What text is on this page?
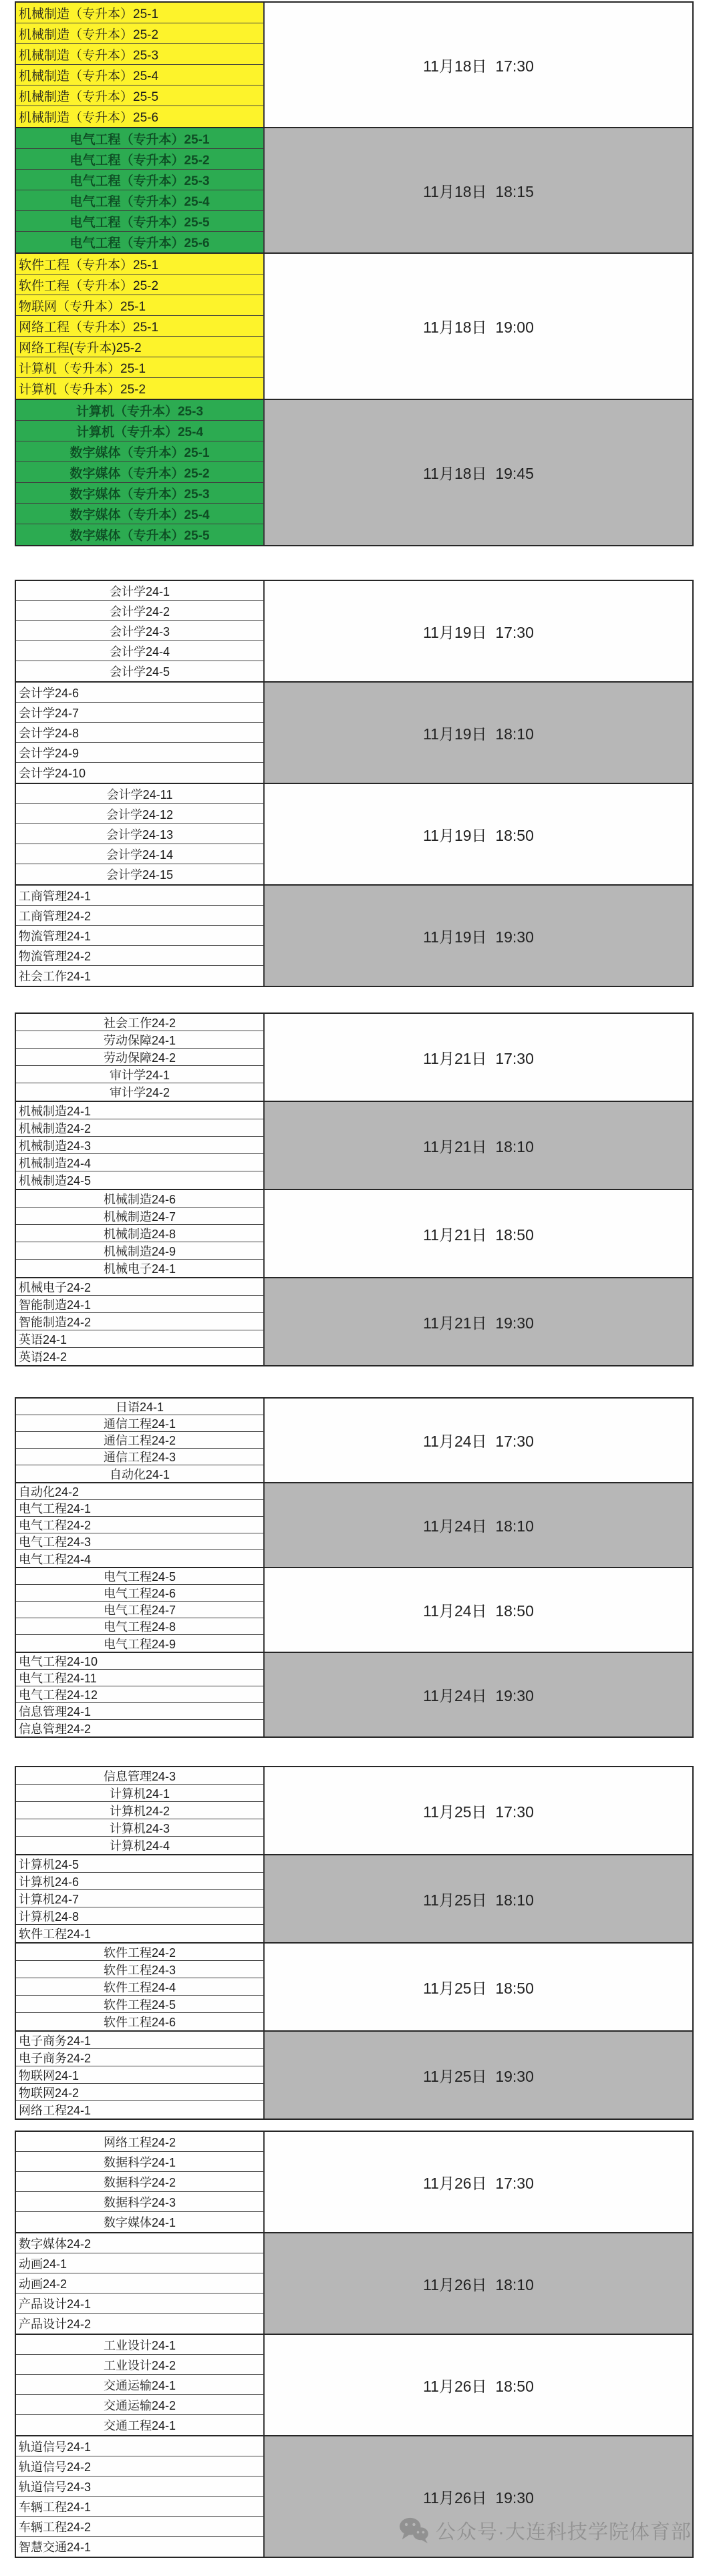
机械制造（专升本）25-1
机械制造（专升本）25-2
机械制造（专升本）25-3
机械制造（专升本）25-4
机械制造（专升本）25-5
机械制造（专升本）25-6
11月18日  17:30
电气工程（专升本）25-1
电气工程（专升本）25-2
电气工程（专升本）25-3
电气工程（专升本）25-4
电气工程（专升本）25-5
电气工程（专升本）25-6
11月18日  18:15
软件工程（专升本）25-1
软件工程（专升本）25-2
物联网（专升本）25-1
网络工程（专升本）25-1
网络工程(专升本)25-2
计算机（专升本）25-1
计算机（专升本）25-2
11月18日  19:00
计算机（专升本）25-3
计算机（专升本）25-4
数字媒体（专升本）25-1
数字媒体（专升本）25-2
数字媒体（专升本）25-3
数字媒体（专升本）25-4
数字媒体（专升本）25-5
11月18日  19:45
会计学24-1
会计学24-2
会计学24-3
会计学24-4
会计学24-5
11月19日  17:30
会计学24-6
会计学24-7
会计学24-8
会计学24-9
会计学24-10
11月19日  18:10
会计学24-11
会计学24-12
会计学24-13
会计学24-14
会计学24-15
11月19日  18:50
工商管理24-1
工商管理24-2
物流管理24-1
物流管理24-2
社会工作24-1
11月19日  19:30
社会工作24-2
劳动保障24-1
劳动保障24-2
审计学24-1
审计学24-2
11月21日  17:30
机械制造24-1
机械制造24-2
机械制造24-3
机械制造24-4
机械制造24-5
11月21日  18:10
机械制造24-6
机械制造24-7
机械制造24-8
机械制造24-9
机械电子24-1
11月21日  18:50
机械电子24-2
智能制造24-1
智能制造24-2
英语24-1
英语24-2
11月21日  19:30
日语24-1
通信工程24-1
通信工程24-2
通信工程24-3
自动化24-1
11月24日  17:30
自动化24-2
电气工程24-1
电气工程24-2
电气工程24-3
电气工程24-4
11月24日  18:10
电气工程24-5
电气工程24-6
电气工程24-7
电气工程24-8
电气工程24-9
11月24日  18:50
电气工程24-10
电气工程24-11
电气工程24-12
信息管理24-1
信息管理24-2
11月24日  19:30
信息管理24-3
计算机24-1
计算机24-2
计算机24-3
计算机24-4
11月25日  17:30
计算机24-5
计算机24-6
计算机24-7
计算机24-8
软件工程24-1
11月25日  18:10
软件工程24-2
软件工程24-3
软件工程24-4
软件工程24-5
软件工程24-6
11月25日  18:50
电子商务24-1
电子商务24-2
物联网24-1
物联网24-2
网络工程24-1
11月25日  19:30
网络工程24-2
数据科学24-1
数据科学24-2
数据科学24-3
数字媒体24-1
11月26日  17:30
数字媒体24-2
动画24-1
动画24-2
产品设计24-1
产品设计24-2
11月26日  18:10
工业设计24-1
工业设计24-2
交通运输24-1
交通运输24-2
交通工程24-1
11月26日  18:50
轨道信号24-1
轨道信号24-2
轨道信号24-3
车辆工程24-1
车辆工程24-2
智慧交通24-1
11月26日  19:30
公众号·大连科技学院体育部
